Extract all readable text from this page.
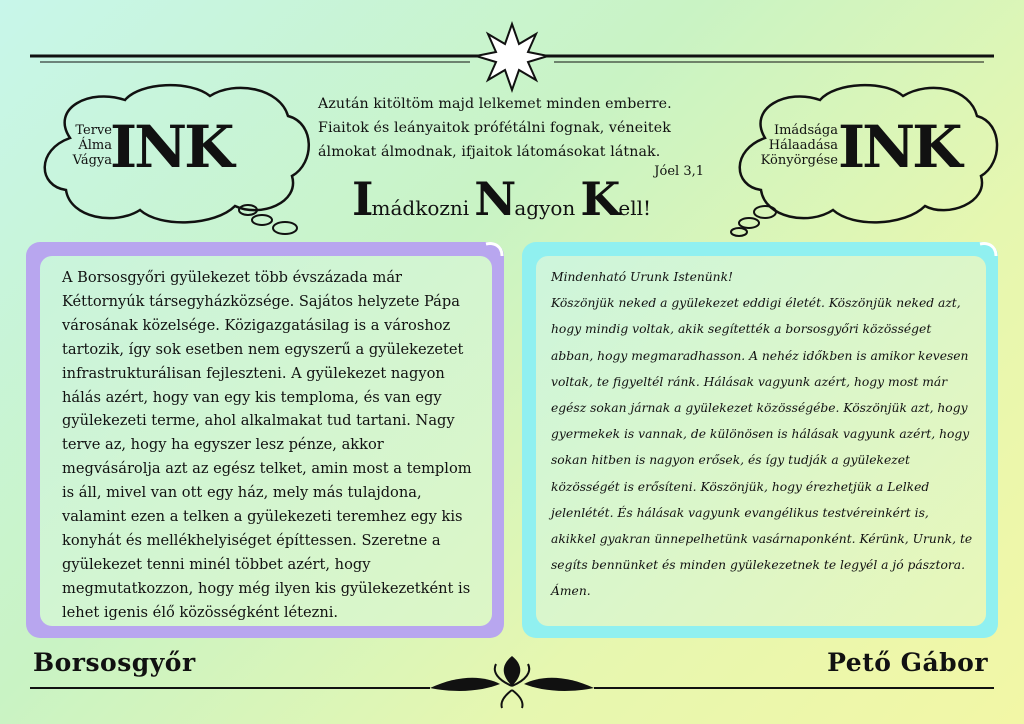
Terve
Álma
Vágya
INK	Imádsága
Hálaadása
Könyörgése INK
Azután kitöltöm majd lelkemet minden emberre.
Fiaitok és leányaitok prófétálni fognak, véneitek
álmokat álmodnak, ifjaitok látomásokat látnak.
Jóel 3,1
Imádkozni Nagyon Kell!
A Borsosgyőri gyülekezet több évszázada már Kéttornyúk társegyházközsége. Sajátos helyzete Pápa városának közelsége. Közigazgatásilag is a városhoz tartozik, így sok esetben nem egyszerű a gyülekezetet infrastrukturálisan fejleszteni. A gyülekezet nagyon hálás azért, hogy van egy kis temploma, és van egy gyülekezeti terme, ahol alkalmakat tud tartani. Nagy terve az, hogy ha egyszer lesz pénze, akkor megvásárolja azt az egész telket, amin most a templom is áll, mivel van ott egy ház, mely más tulajdona, valamint ezen a telken a gyülekezeti teremhez egy kis konyhát és mellékhelyiséget építtessen. Szeretne a gyülekezet tenni minél többet azért, hogy megmutatkozzon, hogy még ilyen kis gyülekezetként is lehet igenis élő közösségként létezni.

Mindenható Urunk Istenünk!

Köszönjük neked a gyülekezet eddigi életét. Köszönjük neked azt, hogy mindig voltak, akik segítették a borsosgyőri közösséget abban, hogy megmaradhasson. A nehéz időkben is amikor kevesen voltak, te figyeltél ránk. Hálásak vagyunk azért, hogy most már egész sokan járnak a gyülekezet közösségébe. Köszönjük azt, hogy gyermekek is vannak, de különösen is hálásak vagyunk azért, hogy sokan hitben is nagyon erősek, és így tudják a gyülekezet közösségét is erősíteni. Köszönjük, hogy érezhetjük a Lelked jelenlétét. És hálásak vagyunk evangélikus testvéreinkért is, akikkel gyakran ünnepelhetünk vasárnaponként. Kérünk, Urunk, te segíts bennünket és minden gyülekezetnek te legyél a jó pásztora.

Ámen.

Borsosgyőr	Pető Gábor
